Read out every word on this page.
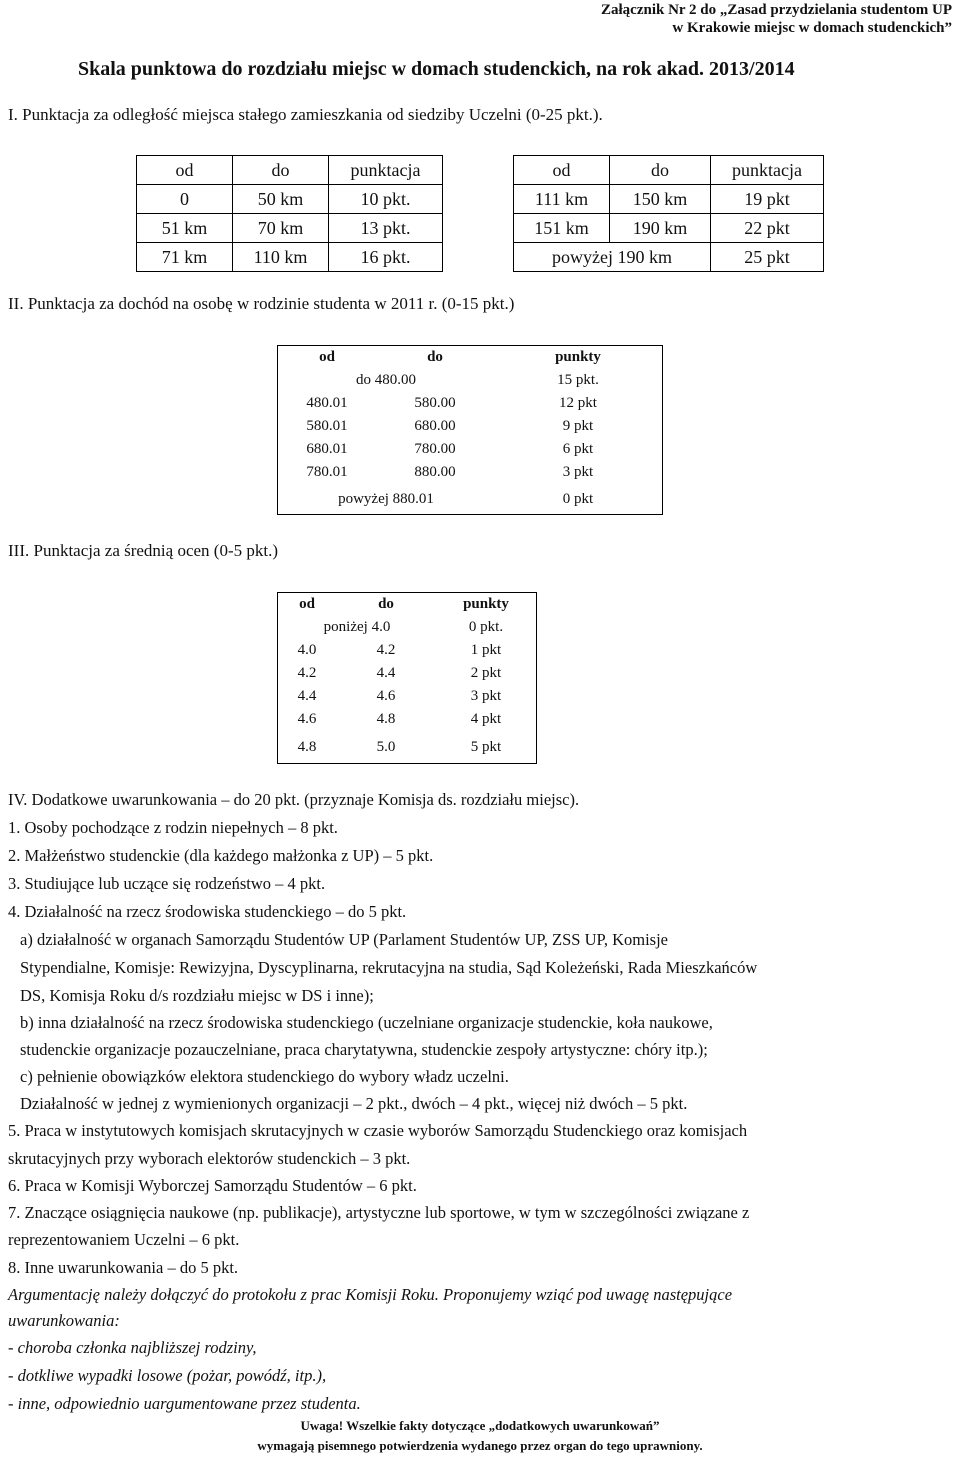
Załącznik Nr 2 do „Zasad przydzielania studentom UP
w Krakowie miejsc w domach studenckich”
Skala punktowa do rozdziału miejsc w domach studenckich, na rok akad. 2013/2014
I. Punktacja za odległość miejsca stałego zamieszkania od siedziby Uczelni (0-25 pkt.).
od	do	punktacja
0	50 km	10 pkt.
51 km	70 km	13 pkt.
71 km	110 km	16 pkt.
od	do	punktacja
111 km	150 km	19 pkt
151 km	190 km	22 pkt
powyżej 190 km		25 pkt
II. Punktacja za dochód na osobę w rodzinie studenta w 2011 r. (0-15 pkt.)
od	do	punkty
do 480.00		15 pkt.
480.01	580.00	12 pkt
580.01	680.00	9 pkt
680.01	780.00	6 pkt
780.01	880.00	3 pkt
powyżej 880.01		0 pkt
III. Punktacja za średnią ocen (0-5 pkt.)
od	do	punkty
poniżej 4.0		0 pkt.
4.0	4.2	1 pkt
4.2	4.4	2 pkt
4.4	4.6	3 pkt
4.6	4.8	4 pkt
4.8	5.0	5 pkt
IV. Dodatkowe uwarunkowania – do 20 pkt. (przyznaje Komisja ds. rozdziału miejsc).
1. Osoby pochodzące z rodzin niepełnych – 8 pkt.
2. Małżeństwo studenckie (dla każdego małżonka z UP) – 5 pkt.
3. Studiujące lub uczące się rodzeństwo – 4 pkt.
4. Działalność na rzecz środowiska studenckiego – do 5 pkt.
a) działalność w organach Samorządu Studentów UP (Parlament Studentów UP, ZSS UP, Komisje
Stypendialne, Komisje: Rewizyjna, Dyscyplinarna, rekrutacyjna na studia, Sąd Koleżeński, Rada Mieszkańców
DS, Komisja Roku d/s rozdziału miejsc w DS i inne);
b) inna działalność na rzecz środowiska studenckiego (uczelniane organizacje studenckie, koła naukowe,
studenckie organizacje pozauczelniane, praca charytatywna, studenckie zespoły artystyczne: chóry itp.);
c) pełnienie obowiązków elektora studenckiego do wybory władz uczelni.
Działalność w jednej z wymienionych organizacji – 2 pkt., dwóch – 4 pkt., więcej niż dwóch – 5 pkt.
5. Praca w instytutowych komisjach skrutacyjnych w czasie wyborów Samorządu Studenckiego oraz komisjach
skrutacyjnych przy wyborach elektorów studenckich – 3 pkt.
6. Praca w Komisji Wyborczej Samorządu Studentów – 6 pkt.
7. Znaczące osiągnięcia naukowe (np. publikacje), artystyczne lub sportowe, w tym w szczególności związane z
reprezentowaniem Uczelni – 6 pkt.
8. Inne uwarunkowania – do 5 pkt.
Argumentację należy dołączyć do protokołu z prac Komisji Roku. Proponujemy wziąć pod uwagę następujące
uwarunkowania:
- choroba członka najbliższej rodziny,
- dotkliwe wypadki losowe (pożar, powódź, itp.),
- inne, odpowiednio uargumentowane przez studenta.
Uwaga! Wszelkie fakty dotyczące „dodatkowych uwarunkowań”
wymagają pisemnego potwierdzenia wydanego przez organ do tego uprawniony.
